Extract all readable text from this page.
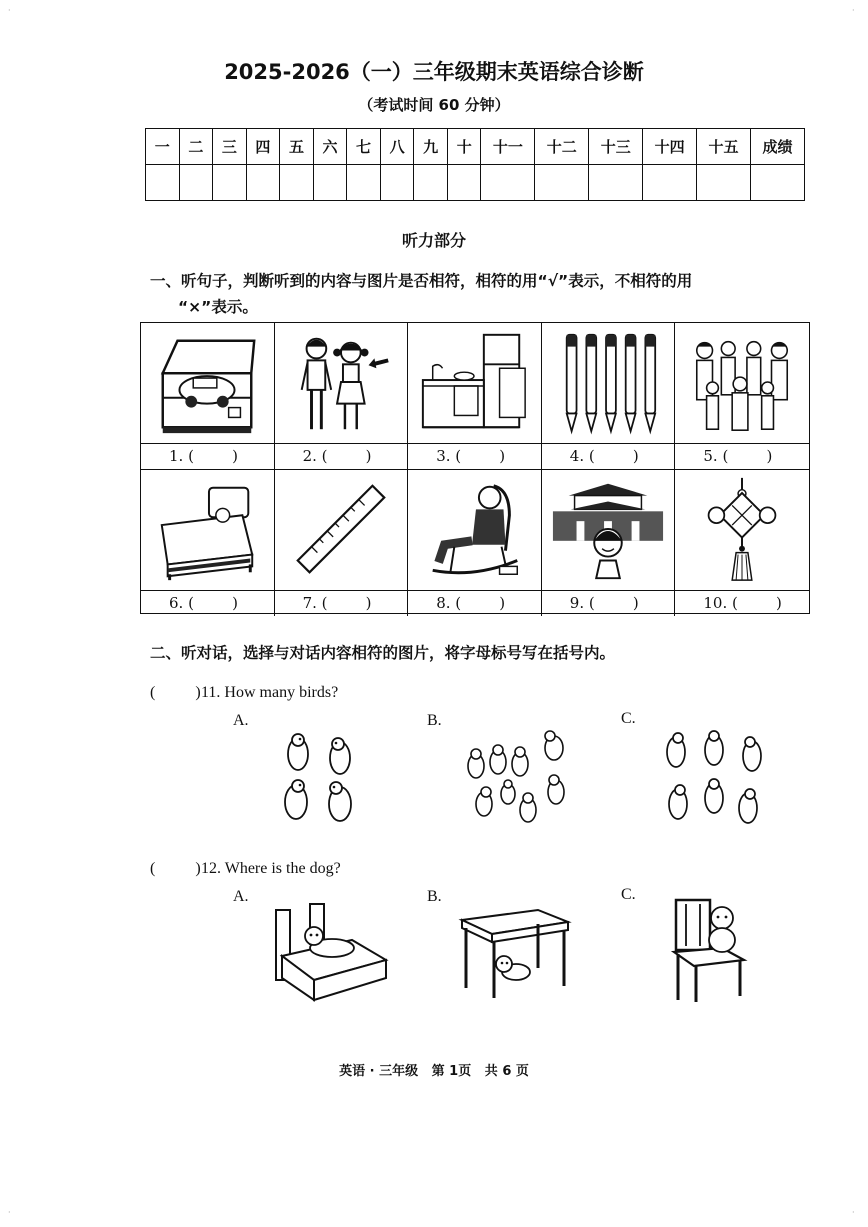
·	·
·	·
2025-2026（一）三年级期末英语综合诊断
（考试时间 60 分钟）
一	二	三	四	五	六	七	八	九	十	十一	十二	十三	十四	十五	成绩

听力部分
一、听句子，判断听到的内容与图片是否相符，相符的用“√”表示，不相符的用
“×”表示。
1. (        )	2. (        )	3. (        )	4. (        )	5. (        )
6. (        )	7. (        )	8. (        )	9. (        )	10. (        )
二、听对话，选择与对话内容相符的图片，将字母标号写在括号内。
(          ) 11. How many birds?
A.	B.	C.
(          ) 12. Where is the dog?
A.	B.	C.
英语 · 三年级   第 1页   共 6 页
